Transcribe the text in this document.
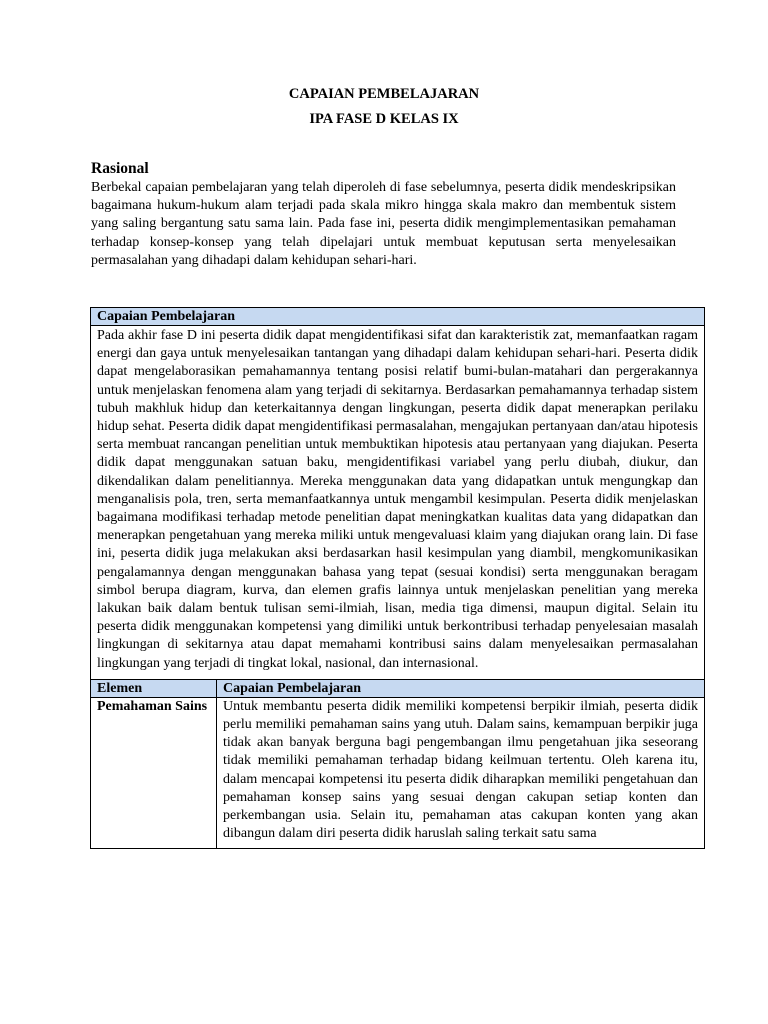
CAPAIAN PEMBELAJARAN
IPA FASE D KELAS IX
Rasional
Berbekal capaian pembelajaran yang telah diperoleh di fase sebelumnya, peserta didik mendeskripsikan bagaimana hukum-hukum alam terjadi pada skala mikro hingga skala makro dan membentuk sistem yang saling bergantung satu sama lain. Pada fase ini, peserta didik mengimplementasikan pemahaman terhadap konsep-konsep yang telah dipelajari untuk membuat keputusan serta menyelesaikan permasalahan yang dihadapi dalam kehidupan sehari-hari.
Capaian Pembelajaran	
Pada akhir fase D ini peserta didik dapat mengidentifikasi sifat dan karakteristik zat, memanfaatkan ragam energi dan gaya untuk menyelesaikan tantangan yang dihadapi dalam kehidupan sehari-hari. Peserta didik dapat mengelaborasikan pemahamannya tentang posisi relatif bumi-bulan-matahari dan pergerakannya untuk menjelaskan fenomena alam yang terjadi di sekitarnya. Berdasarkan pemahamannya terhadap sistem tubuh makhluk hidup dan keterkaitannya dengan lingkungan, peserta didik dapat menerapkan perilaku hidup sehat. Peserta didik dapat mengidentifikasi permasalahan, mengajukan pertanyaan dan/atau hipotesis serta membuat rancangan penelitian untuk membuktikan hipotesis atau pertanyaan yang diajukan. Peserta didik dapat menggunakan satuan baku, mengidentifikasi variabel yang perlu diubah, diukur, dan dikendalikan dalam penelitiannya. Mereka menggunakan data yang didapatkan untuk mengungkap dan menganalisis pola, tren, serta memanfaatkannya untuk mengambil kesimpulan. Peserta didik menjelaskan bagaimana modifikasi terhadap metode penelitian dapat meningkatkan kualitas data yang didapatkan dan menerapkan pengetahuan yang mereka miliki untuk mengevaluasi klaim yang diajukan orang lain. Di fase ini, peserta didik juga melakukan aksi berdasarkan hasil kesimpulan yang diambil, mengkomunikasikan pengalamannya dengan menggunakan bahasa yang tepat (sesuai kondisi) serta menggunakan beragam simbol berupa diagram, kurva, dan elemen grafis lainnya untuk menjelaskan penelitian yang mereka lakukan baik dalam bentuk tulisan semi-ilmiah, lisan, media tiga dimensi, maupun digital. Selain itu peserta didik menggunakan kompetensi yang dimiliki untuk berkontribusi terhadap penyelesaian masalah lingkungan di sekitarnya atau dapat memahami kontribusi sains dalam menyelesaikan permasalahan lingkungan yang terjadi di tingkat lokal, nasional, dan internasional.	
Elemen	Capaian Pembelajaran
Pemahaman Sains	Untuk membantu peserta didik memiliki kompetensi berpikir ilmiah, peserta didik perlu memiliki pemahaman sains yang utuh. Dalam sains, kemampuan berpikir juga tidak akan banyak berguna bagi pengembangan ilmu pengetahuan jika seseorang tidak memiliki pemahaman terhadap bidang keilmuan tertentu. Oleh karena itu, dalam mencapai kompetensi itu peserta didik diharapkan memiliki pengetahuan dan pemahaman konsep sains yang sesuai dengan cakupan setiap konten dan perkembangan usia. Selain itu, pemahaman atas cakupan konten yang akan dibangun dalam diri peserta didik haruslah saling terkait satu sama
